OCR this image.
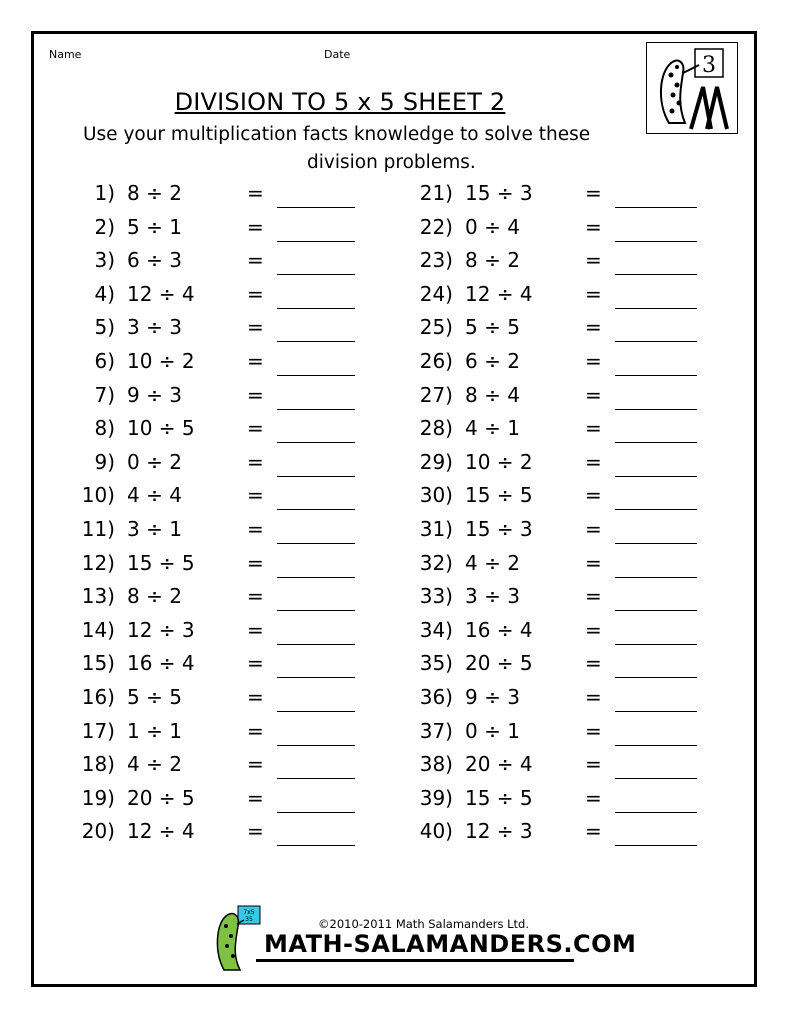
Name	Date
DIVISION TO 5 x 5 SHEET 2
Use your multiplication facts knowledge to solve these
division problems.
3
1) 8 ÷ 2	=
2) 5 ÷ 1	=
3) 6 ÷ 3	=
4) 12 ÷ 4	=
5) 3 ÷ 3	=
6) 10 ÷ 2	=
7) 9 ÷ 3	=
8) 10 ÷ 5	=
9) 0 ÷ 2	=
10) 4 ÷ 4	=
11) 3 ÷ 1	=
12) 15 ÷ 5	=
13) 8 ÷ 2	=
14) 12 ÷ 3	=
15) 16 ÷ 4	=
16) 5 ÷ 5	=
17) 1 ÷ 1	=
18) 4 ÷ 2	=
19) 20 ÷ 5	=
20) 12 ÷ 4	=
21) 15 ÷ 3	=
22) 0 ÷ 4	=
23) 8 ÷ 2	=
24) 12 ÷ 4	=
25) 5 ÷ 5	=
26) 6 ÷ 2	=
27) 8 ÷ 4	=
28) 4 ÷ 1	=
29) 10 ÷ 2	=
30) 15 ÷ 5	=
31) 15 ÷ 3	=
32) 4 ÷ 2	=
33) 3 ÷ 3	=
34) 16 ÷ 4	=
35) 20 ÷ 5	=
36) 9 ÷ 3	=
37) 0 ÷ 1	=
38) 20 ÷ 4	=
39) 15 ÷ 5	=
40) 12 ÷ 3	=
7x5
35	©2010-2011 Math Salamanders Ltd.
MATH-SALAMANDERS.COM
